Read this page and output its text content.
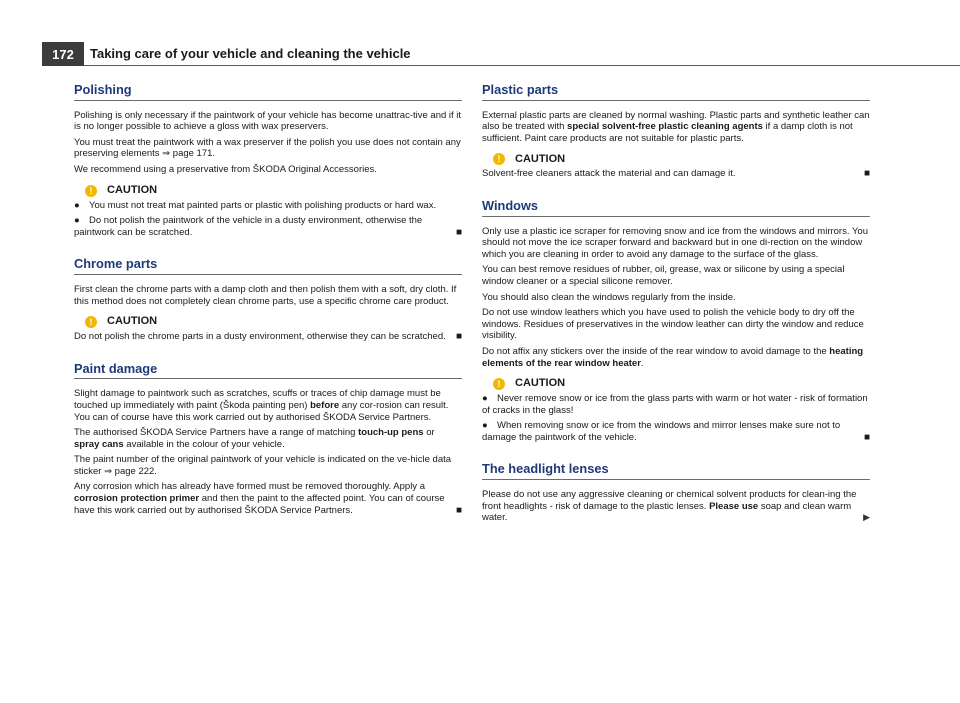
172	Taking care of your vehicle and cleaning the vehicle
Polishing

Polishing is only necessary if the paintwork of your vehicle has become unattrac-tive and if it is no longer possible to achieve a gloss with wax preservers.

You must treat the paintwork with a wax preserver if the polish you use does not contain any preserving elements ⇒ page 171.

We recommend using a preservative from ŠKODA Original Accessories.

!	CAUTION

● You must not treat mat painted parts or plastic with polishing products or hard wax.

● Do not polish the paintwork of the vehicle in a dusty environment, otherwise the paintwork can be scratched.	■

Chrome parts

First clean the chrome parts with a damp cloth and then polish them with a soft, dry cloth. If this method does not completely clean chrome parts, use a specific chrome care product.

!	CAUTION

Do not polish the chrome parts in a dusty environment, otherwise they can be scratched. ■

Paint damage

Slight damage to paintwork such as scratches, scuffs or traces of chip damage must be touched up immediately with paint (Škoda painting pen) before any cor-rosion can result. You can of course have this work carried out by authorised ŠKODA Service Partners.

The authorised ŠKODA Service Partners have a range of matching touch-up pens or spray cans available in the colour of your vehicle.

The paint number of the original paintwork of your vehicle is indicated on the ve-hicle data sticker ⇒ page 222.

Any corrosion which has already have formed must be removed thoroughly. Apply a corrosion protection primer and then the paint to the affected point. You can of course have this work carried out by authorised ŠKODA Service Partners.	■

Plastic parts

External plastic parts are cleaned by normal washing. Plastic parts and synthetic leather can also be treated with special solvent-free plastic cleaning agents if a damp cloth is not sufficient. Paint care products are not suitable for plastic parts.

!	CAUTION

Solvent-free cleaners attack the material and can damage it.	■

Windows

Only use a plastic ice scraper for removing snow and ice from the windows and mirrors. You should not move the ice scraper forward and backward but in one di-rection on the window which you are cleaning in order to avoid any damage to the surface of the glass.

You can best remove residues of rubber, oil, grease, wax or silicone by using a special window cleaner or a special silicone remover.

You should also clean the windows regularly from the inside.

Do not use window leathers which you have used to polish the vehicle body to dry off the windows. Residues of preservatives in the window leather can dirty the window and reduce visibility.

Do not affix any stickers over the inside of the rear window to avoid damage to the heating elements of the rear window heater.

!	CAUTION

● Never remove snow or ice from the glass parts with warm or hot water - risk of formation of cracks in the glass!

● When removing snow or ice from the windows and mirror lenses make sure not to damage the paintwork of the vehicle.	■

The headlight lenses

Please do not use any aggressive cleaning or chemical solvent products for clean-ing the front headlights - risk of damage to the plastic lenses. Please use soap and clean warm water.	▶
